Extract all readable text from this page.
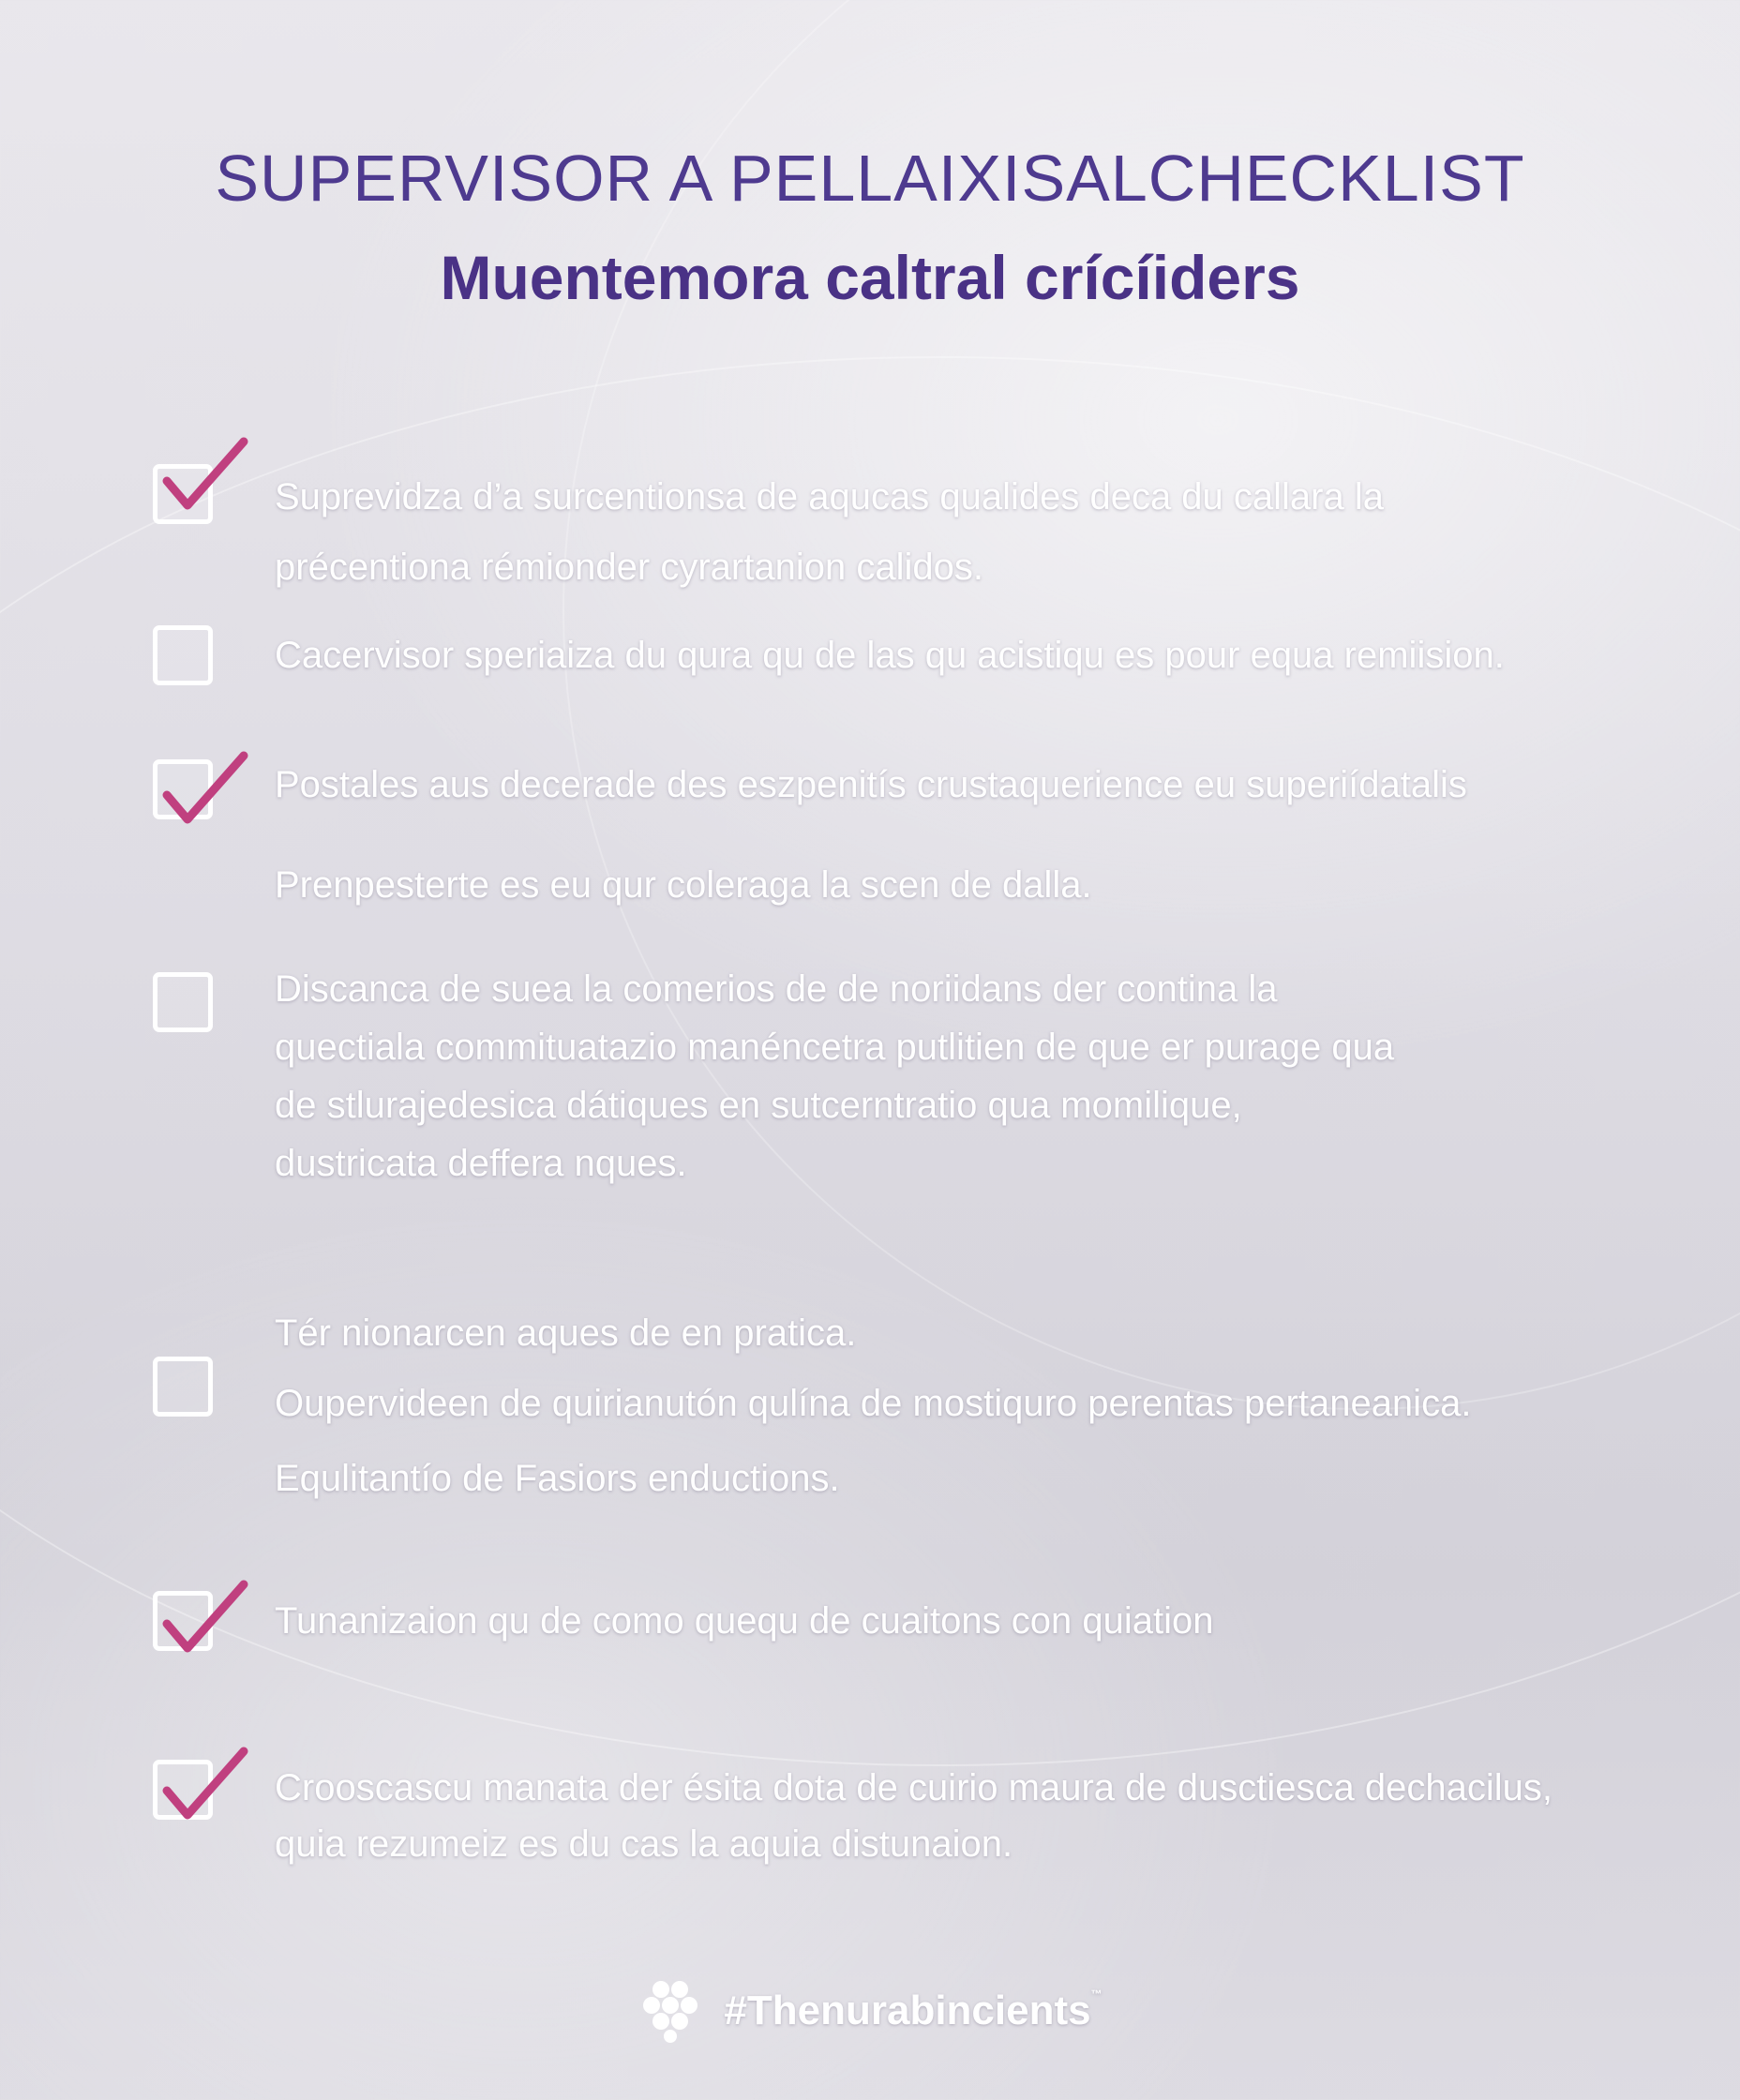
SUPERVISOR A PELLAIXISALCHECKLIST
Muentemora caltral crícíiders
Suprevidza d’a surcentionsa de aqucas qualides deca du callara la
précentiona rémionder cyrartanion calidos.
Cacervisor speriaiza du qura qu de las qu acistiqu es pour equa remiision.
Postales aus decerade des eszpenitís crustaquerience eu superiídatalis
Prenpesterte es eu qur coleraga la scen de dalla.
Discanca de suea la comerios de de noriidans der contina la
quectiala commituatazio manéncetra putlitien de que er purage qua
de stlurajedesica dátiques en sutcerntratio qua momilique,
dustricata deffera nques.
Tér nionarcen aques de en pratica.
Oupervideen de quirianutón qulína de mostiquro perentas pertaneanica.
Equlitantío de Fasiors enductions.
Tunanizaion qu de como quequ de cuaitons con quiation
Crooscascu manata der ésita dota de cuirio maura de dusctiesca dechacilus,
quia rezumeiz es du cas la aquia distunaion.
#Thenurabincients™
